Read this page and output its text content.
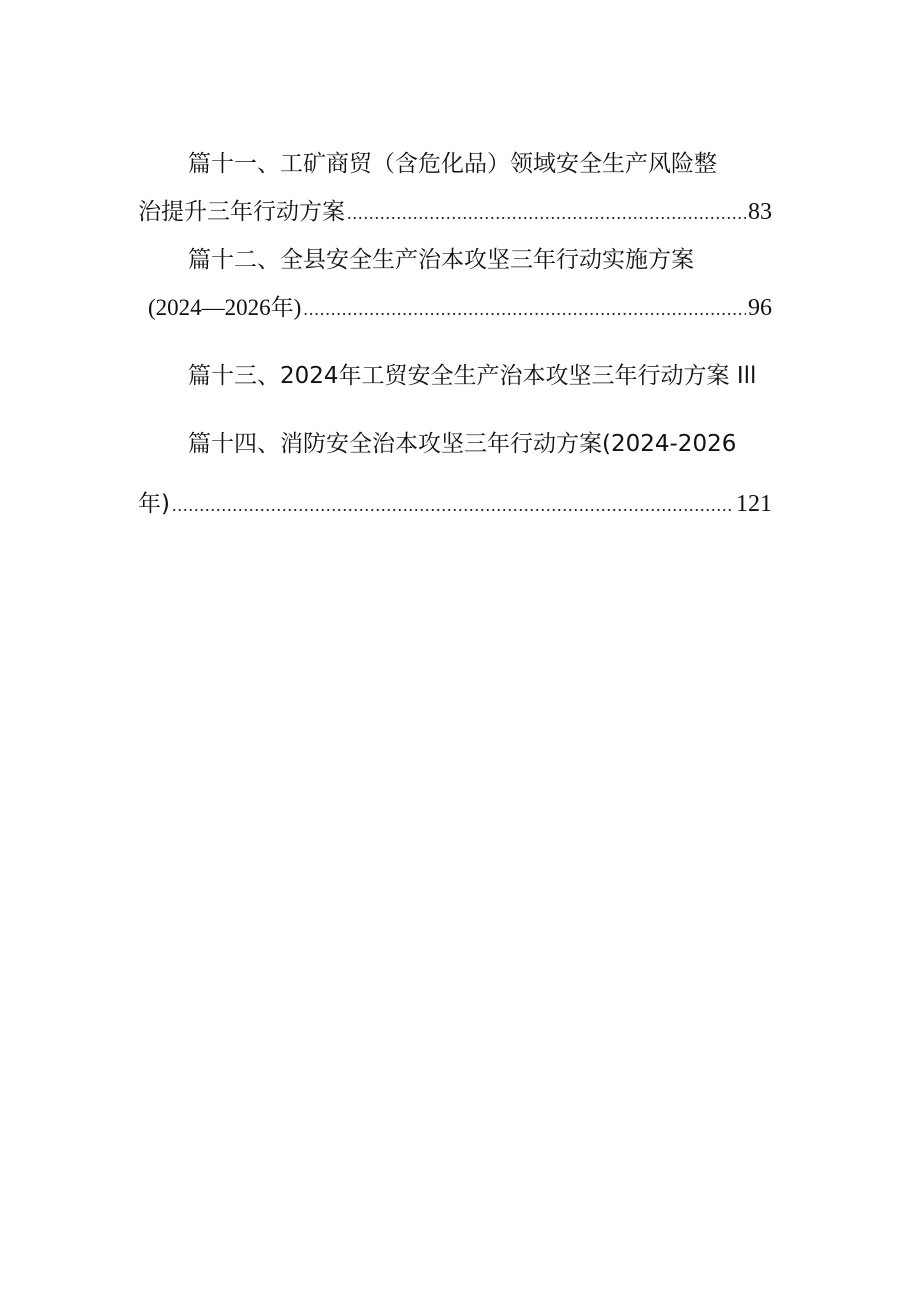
篇十一、工矿商贸（含危化品）领域安全生产风险整
治提升三年行动方案 .....	83
篇十二、全县安全生产治本攻坚三年行动实施方案
(2024—2026年) .....	96
篇十三、2024年工贸安全生产治本攻坚三年行动方案 Ill
篇十四、消防安全治本攻坚三年行动方案(2024-2026
年) .....	121
